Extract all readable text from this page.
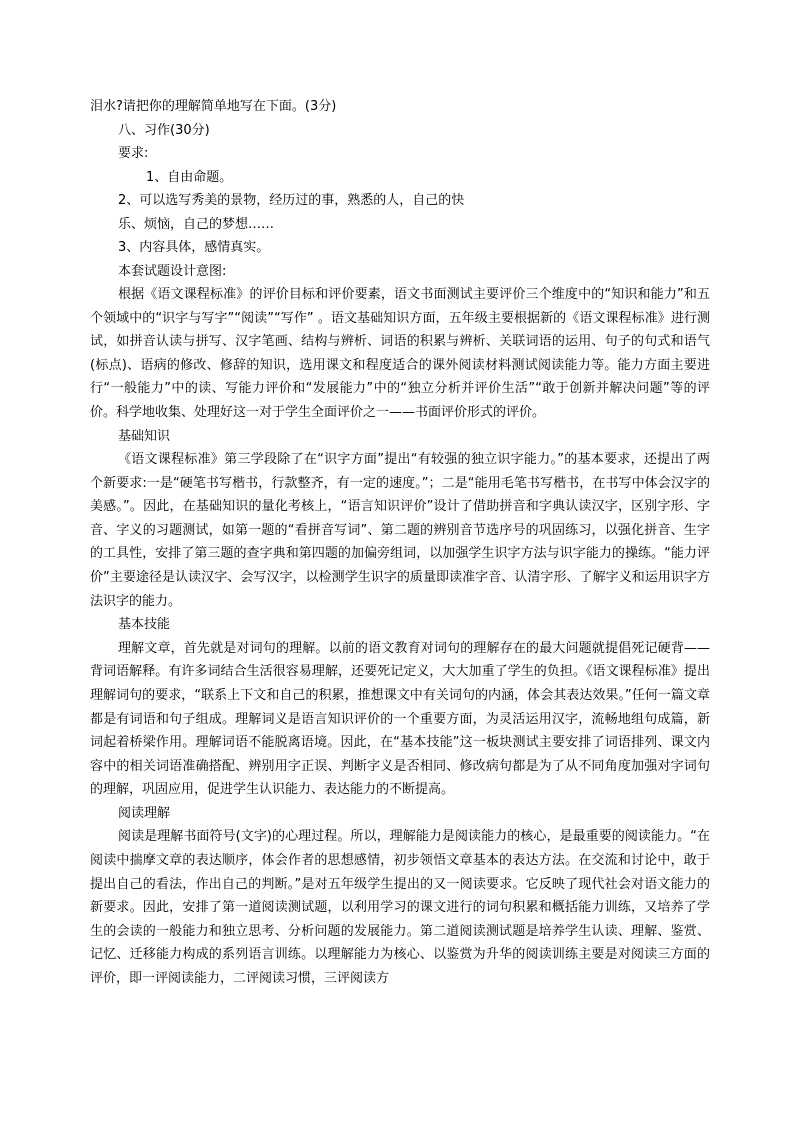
泪水?请把你的理解简单地写在下面。(3分)
八、习作(30分)
要求:
1、自由命题。
2、可以选写秀美的景物，经历过的事，熟悉的人，自己的快
乐、烦恼，自己的梦想……
3、内容具体，感情真实。
本套试题设计意图:

根据《语文课程标准》的评价目标和评价要素，语文书面测试主要评价三个维度中的“知识和能力”和五个领域中的“识字与写字”“阅读”“写作” 。语文基础知识方面，五年级主要根据新的《语文课程标准》进行测试，如拼音认读与拼写、汉字笔画、结构与辨析、词语的积累与辨析、关联词语的运用、句子的句式和语气(标点)、语病的修改、修辞的知识，选用课文和程度适合的课外阅读材料测试阅读能力等。能力方面主要进行“一般能力”中的读、写能力评价和“发展能力”中的“独立分析并评价生活”“敢于创新并解决问题”等的评价。科学地收集、处理好这一对于学生全面评价之一——书面评价形式的评价。

基础知识

《语文课程标准》第三学段除了在“识字方面”提出“有较强的独立识字能力。”的基本要求，还提出了两个新要求:一是“硬笔书写楷书，行款整齐，有一定的速度。”；二是“能用毛笔书写楷书，在书写中体会汉字的美感。”。因此，在基础知识的量化考核上，“语言知识评价”设计了借助拼音和字典认读汉字，区别字形、字音、字义的习题测试，如第一题的“看拼音写词”、第二题的辨别音节选序号的巩固练习，以强化拼音、生字的工具性，安排了第三题的查字典和第四题的加偏旁组词，以加强学生识字方法与识字能力的操练。“能力评价”主要途径是认读汉字、会写汉字，以检测学生识字的质量即读准字音、认清字形、了解字义和运用识字方法识字的能力。

基本技能

理解文章，首先就是对词句的理解。以前的语文教育对词句的理解存在的最大问题就提倡死记硬背——背词语解释。有许多词结合生活很容易理解，还要死记定义，大大加重了学生的负担。《语文课程标准》提出理解词句的要求，“联系上下文和自己的积累，推想课文中有关词句的内涵，体会其表达效果。”任何一篇文章都是有词语和句子组成。理解词义是语言知识评价的一个重要方面，为灵活运用汉字，流畅地组句成篇，新词起着桥梁作用。理解词语不能脱离语境。因此，在“基本技能”这一板块测试主要安排了词语排列、课文内容中的相关词语准确搭配、辨别用字正误、判断字义是否相同、修改病句都是为了从不同角度加强对字词句的理解，巩固应用，促进学生认识能力、表达能力的不断提高。

阅读理解

阅读是理解书面符号(文字)的心理过程。所以，理解能力是阅读能力的核心，是最重要的阅读能力。“在阅读中揣摩文章的表达顺序，体会作者的思想感情，初步领悟文章基本的表达方法。在交流和讨论中，敢于提出自己的看法，作出自己的判断。”是对五年级学生提出的又一阅读要求。它反映了现代社会对语文能力的新要求。因此，安排了第一道阅读测试题，以利用学习的课文进行的词句积累和概括能力训练，又培养了学生的会读的一般能力和独立思考、分析问题的发展能力。第二道阅读测试题是培养学生认读、理解、鉴赏、记忆、迁移能力构成的系列语言训练。以理解能力为核心、以鉴赏为升华的阅读训练主要是对阅读三方面的评价，即一评阅读能力，二评阅读习惯，三评阅读方
